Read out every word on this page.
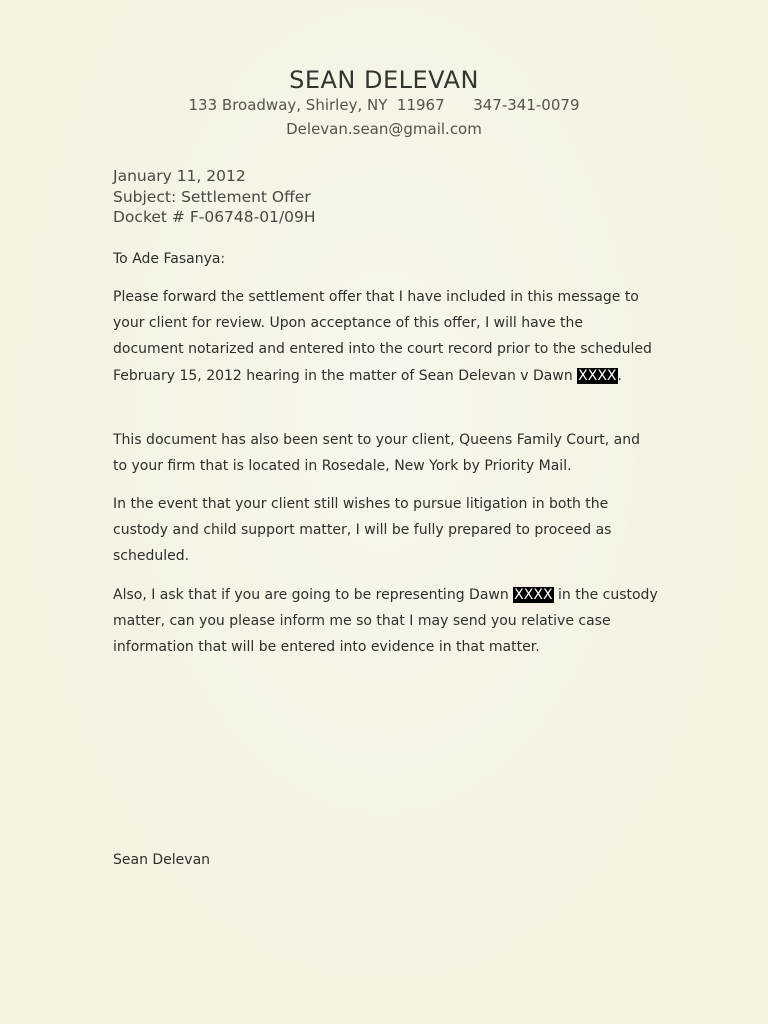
SEAN DELEVAN
133 Broadway, Shirley, NY  11967      347-341-0079
Delevan.sean@gmail.com
January 11, 2012
Subject: Settlement Offer
Docket # F-06748-01/09H
To Ade Fasanya:

Please forward the settlement offer that I have included in this message to your client for review. Upon acceptance of this offer, I will have the document notarized and entered into the court record prior to the scheduled February 15, 2012 hearing in the matter of Sean Delevan v Dawn XXXX.

This document has also been sent to your client, Queens Family Court, and to your firm that is located in Rosedale, New York by Priority Mail.

In the event that your client still wishes to pursue litigation in both the custody and child support matter, I will be fully prepared to proceed as scheduled.

Also, I ask that if you are going to be representing Dawn XXXX in the custody matter, can you please inform me so that I may send you relative case information that will be entered into evidence in that matter.

Sean Delevan
